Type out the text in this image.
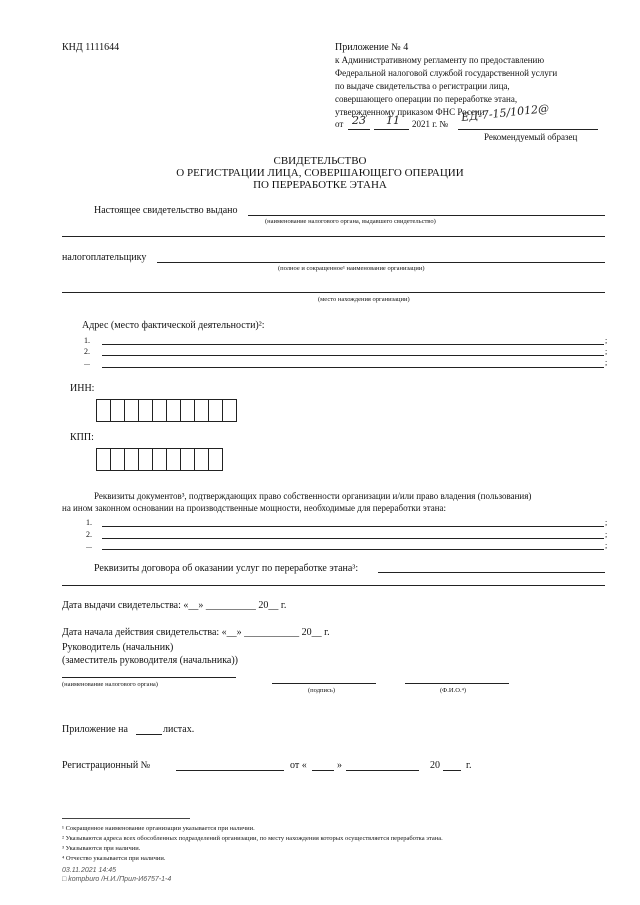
КНД 1111644	Приложение № 4
к Административному регламенту по предоставлению
Федеральной налоговой службой государственной услуги
по выдаче свидетельства о регистрации лица,
совершающего операции по переработке этана,
утвержденному приказом ФНС России
от 23 11 2021 г. № ЕД-7-15/1012@
Рекомендуемый образец
СВИДЕТЕЛЬСТВО
О РЕГИСТРАЦИИ ЛИЦА, СОВЕРШАЮЩЕГО ОПЕРАЦИИ
ПО ПЕРЕРАБОТКЕ ЭТАНА
Настоящее свидетельство выдано
(наименование налогового органа, выдавшего свидетельство)
налогоплательщику
(полное и сокращенное¹ наименование организации)
(место нахождения организации)
Адрес (место фактической деятельности)²:
1.	;
2.	;
...	;
ИНН:
КПП:
Реквизиты документов³, подтверждающих право собственности организации и/или право владения (пользования)
на ином законном основании на производственные мощности, необходимые для переработки этана:
1.	;
2.	;
...	;
Реквизиты договора об оказании услуг по переработке этана³:
Дата выдачи свидетельства: «__» __________ 20__ г.
Дата начала действия свидетельства: «__» ___________ 20__ г.
Руководитель (начальник)
(заместитель руководителя (начальника))
(наименование налогового органа)
(подпись)	(Ф.И.О.⁴)
Приложение на	листах.
Регистрационный №	от «	»	20	г.
¹ Сокращенное наименование организации указывается при наличии.
² Указываются адреса всех обособленных подразделений организации, по месту нахождения которых осуществляется переработка этана.
³ Указываются при наличии.
⁴ Отчество указывается при наличии.
03.11.2021 14:45
□ kompburo /Н.И./Прил-И6757-1-4
